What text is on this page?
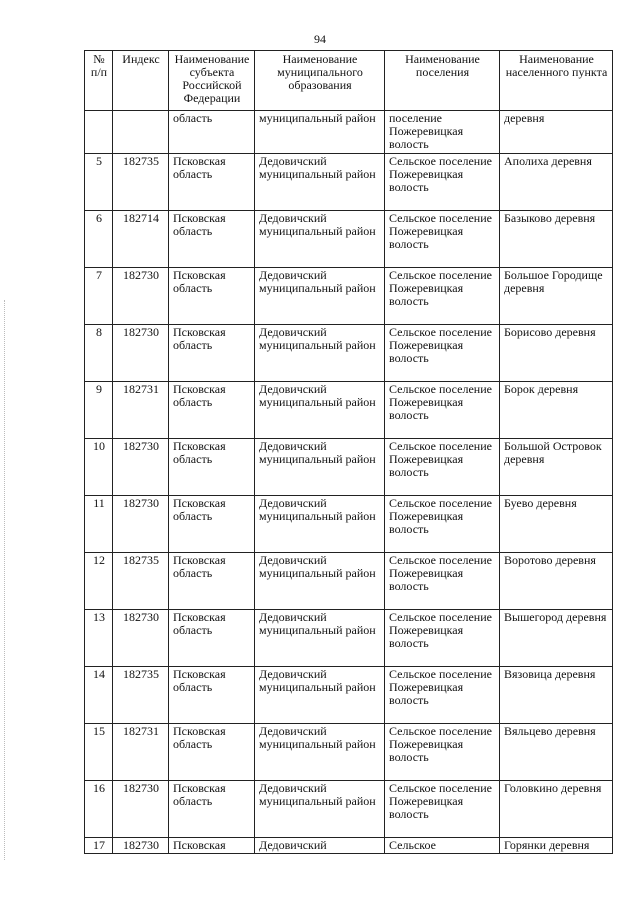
94
№ п/п	Индекс	Наименование субъекта Российской Федерации	Наименование муниципального образования	Наименование поселения	Наименование населенного пункта
		область	муниципальный район	поселение Пожеревицкая волость	деревня
5	182735	Псковская область	Дедовичский муниципальный район	Сельское поселение Пожеревицкая волость	Аполиха деревня
6	182714	Псковская область	Дедовичский муниципальный район	Сельское поселение Пожеревицкая волость	Базыково деревня
7	182730	Псковская область	Дедовичский муниципальный район	Сельское поселение Пожеревицкая волость	Большое Городище деревня
8	182730	Псковская область	Дедовичский муниципальный район	Сельское поселение Пожеревицкая волость	Борисово деревня
9	182731	Псковская область	Дедовичский муниципальный район	Сельское поселение Пожеревицкая волость	Борок деревня
10	182730	Псковская область	Дедовичский муниципальный район	Сельское поселение Пожеревицкая волость	Большой Островок деревня
11	182730	Псковская область	Дедовичский муниципальный район	Сельское поселение Пожеревицкая волость	Буево деревня
12	182735	Псковская область	Дедовичский муниципальный район	Сельское поселение Пожеревицкая волость	Воротово деревня
13	182730	Псковская область	Дедовичский муниципальный район	Сельское поселение Пожеревицкая волость	Вышегород деревня
14	182735	Псковская область	Дедовичский муниципальный район	Сельское поселение Пожеревицкая волость	Вязовица деревня
15	182731	Псковская область	Дедовичский муниципальный район	Сельское поселение Пожеревицкая волость	Вяльцево деревня
16	182730	Псковская область	Дедовичский муниципальный район	Сельское поселение Пожеревицкая волость	Головкино деревня
17	182730	Псковская	Дедовичский	Сельское	Горянки деревня
